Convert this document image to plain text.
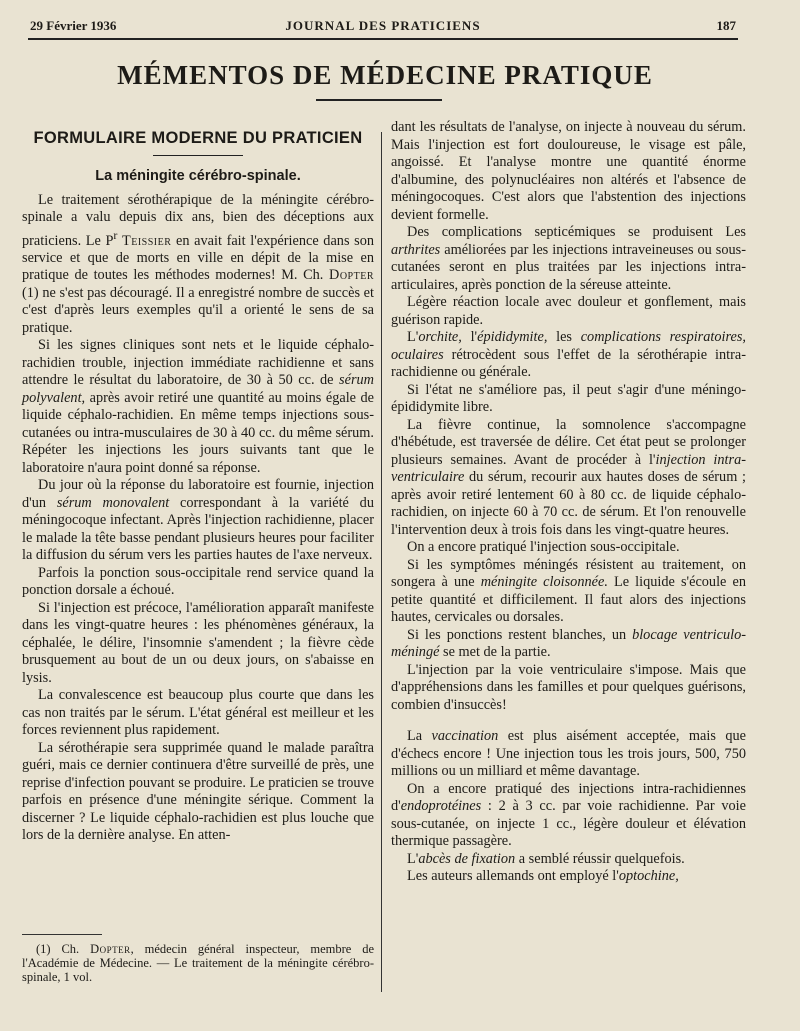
29 Février 1936	JOURNAL DES PRATICIENS	187
MÉMENTOS DE MÉDECINE PRATIQUE
FORMULAIRE MODERNE DU PRATICIEN
La méningite cérébro-spinale.

Le traitement sérothérapique de la méningite cérébro-spinale a valu depuis dix ans, bien des déceptions aux praticiens. Le $P^r$ Teissier en avait fait l'expérience dans son service et que de morts en ville en dépit de la mise en pratique de toutes les méthodes modernes! M. Ch. Dopter (1) ne s'est pas découragé. Il a enregistré nombre de succès et c'est d'après leurs exemples qu'il a orienté le sens de sa pratique.

Si les signes cliniques sont nets et le liquide céphalo-rachidien trouble, injection immédiate rachidienne et sans attendre le résultat du laboratoire, de 30 à 50 cc. de sérum polyvalent, après avoir retiré une quantité au moins égale de liquide céphalo-rachidien. En même temps injections sous-cutanées ou intra-musculaires de 30 à 40 cc. du même sérum. Répéter les injections les jours suivants tant que le laboratoire n'aura point donné sa réponse.

Du jour où la réponse du laboratoire est fournie, injection d'un sérum monovalent correspondant à la variété du méningocoque infectant. Après l'injection rachidienne, placer le malade la tête basse pendant plusieurs heures pour faciliter la diffusion du sérum vers les parties hautes de l'axe nerveux.

Parfois la ponction sous-occipitale rend service quand la ponction dorsale a échoué.

Si l'injection est précoce, l'amélioration apparaît manifeste dans les vingt-quatre heures : les phénomènes généraux, la céphalée, le délire, l'insomnie s'amendent ; la fièvre cède brusquement au bout de un ou deux jours, on s'abaisse en lysis.

La convalescence est beaucoup plus courte que dans les cas non traités par le sérum. L'état général est meilleur et les forces reviennent plus rapidement.

La sérothérapie sera supprimée quand le malade paraîtra guéri, mais ce dernier continuera d'être surveillé de près, une reprise d'infection pouvant se produire. Le praticien se trouve parfois en présence d'une méningite sérique. Comment la discerner ? Le liquide céphalo-rachidien est plus louche que lors de la dernière analyse. En atten-

(1) Ch. Dopter, médecin général inspecteur, membre de l'Académie de Médecine. — Le traitement de la méningite cérébro-spinale, 1 vol.

dant les résultats de l'analyse, on injecte à nouveau du sérum. Mais l'injection est fort douloureuse, le visage est pâle, angoissé. Et l'analyse montre une quantité énorme d'albumine, des polynucléaires non altérés et l'absence de méningocoques. C'est alors que l'abstention des injections devient formelle.

Des complications septicémiques se produisent Les arthrites améliorées par les injections intraveineuses ou sous-cutanées seront en plus traitées par les injections intra-articulaires, après ponction de la séreuse atteinte.

Légère réaction locale avec douleur et gonflement, mais guérison rapide.

L'orchite, l'épididymite, les complications respiratoires, oculaires rétrocèdent sous l'effet de la sérothérapie intra-rachidienne ou générale.

Si l'état ne s'améliore pas, il peut s'agir d'une méningo-épididymite libre.

La fièvre continue, la somnolence s'accompagne d'hébétude, est traversée de délire. Cet état peut se prolonger plusieurs semaines. Avant de procéder à l'injection intra-ventriculaire du sérum, recourir aux hautes doses de sérum ; après avoir retiré lentement 60 à 80 cc. de liquide céphalo-rachidien, on injecte 60 à 70 cc. de sérum. Et l'on renouvelle l'intervention deux à trois fois dans les vingt-quatre heures.

On a encore pratiqué l'injection sous-occipitale.

Si les symptômes méningés résistent au traitement, on songera à une méningite cloisonnée. Le liquide s'écoule en petite quantité et difficilement. Il faut alors des injections hautes, cervicales ou dorsales.

Si les ponctions restent blanches, un blocage ventriculo-méningé se met de la partie.

L'injection par la voie ventriculaire s'impose. Mais que d'appréhensions dans les familles et pour quelques guérisons, combien d'insuccès!

La vaccination est plus aisément acceptée, mais que d'échecs encore ! Une injection tous les trois jours, 500, 750 millions ou un milliard et même davantage.

On a encore pratiqué des injections intra-rachidiennes d'endoprotéines : 2 à 3 cc. par voie rachidienne. Par voie sous-cutanée, on injecte 1 cc., légère douleur et élévation thermique passagère.

L'abcès de fixation a semblé réussir quelquefois.

Les auteurs allemands ont employé l'optochine,
